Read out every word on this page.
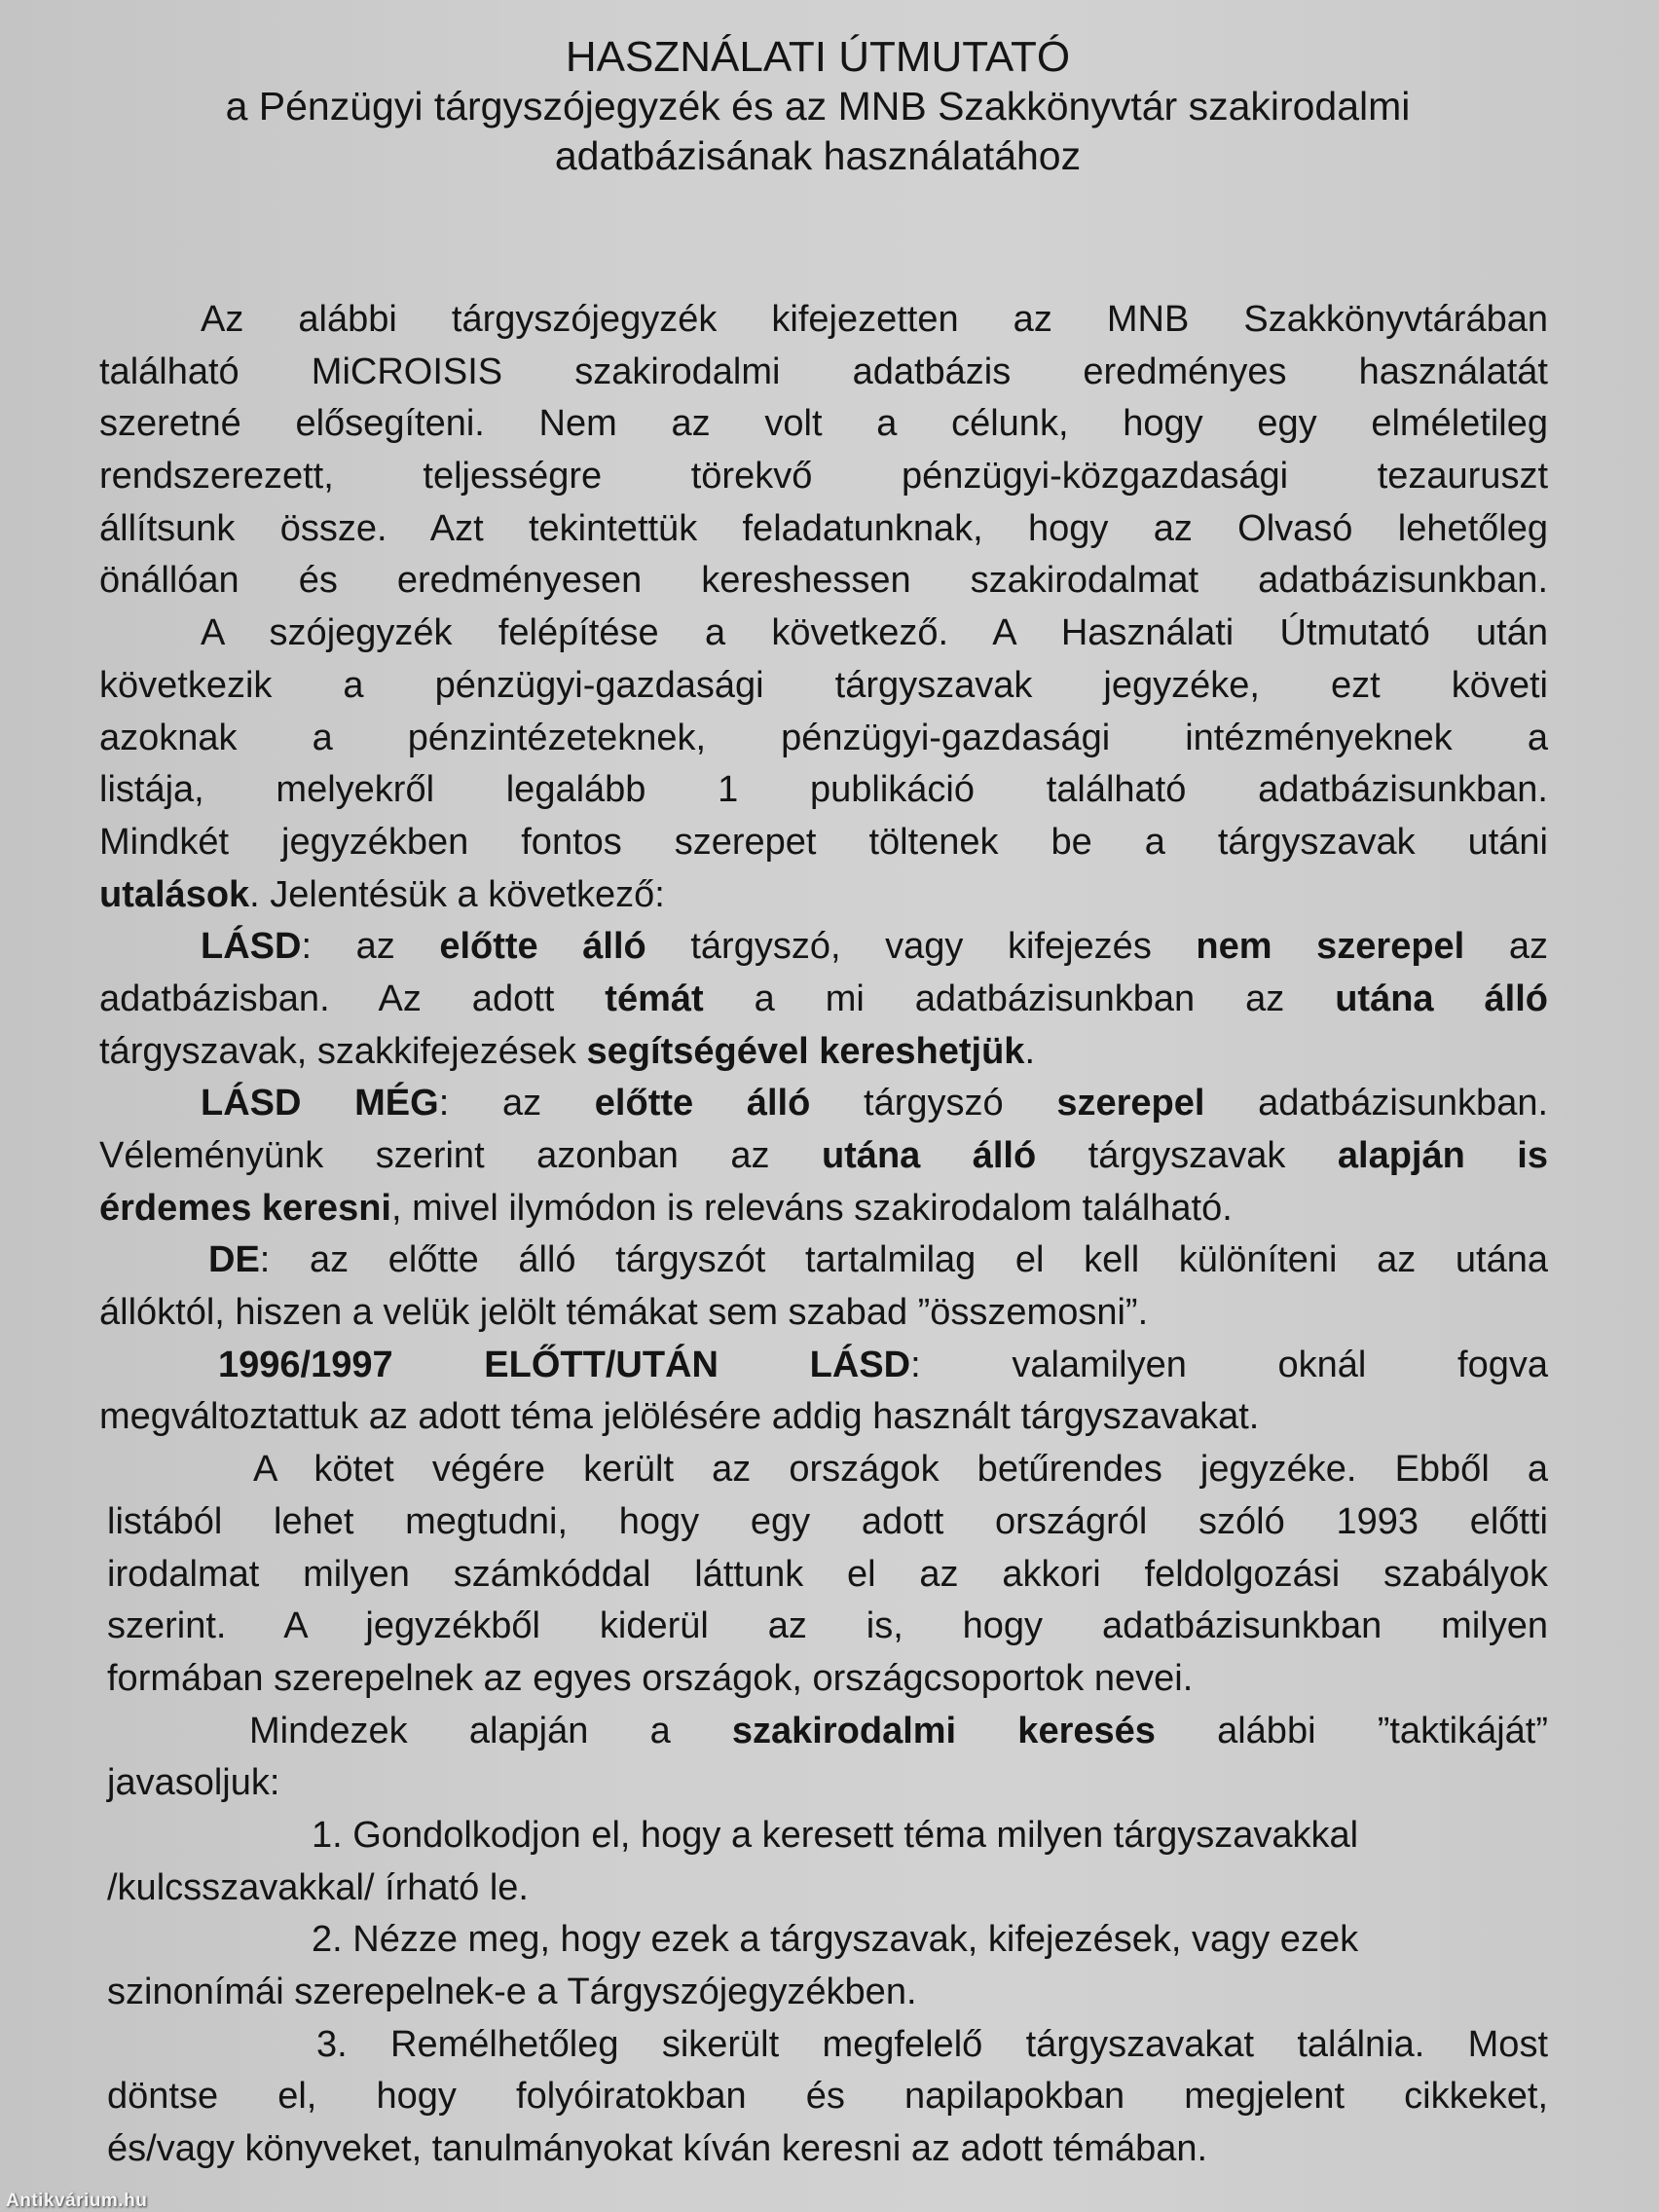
HASZNÁLATI ÚTMUTATÓ
a Pénzügyi tárgyszójegyzék és az MNB Szakkönyvtár szakirodalmi
adatbázisának használatához
Az alábbi tárgyszójegyzék kifejezetten az MNB Szakkönyvtárában
található MiCROISIS szakirodalmi adatbázis eredményes használatát
szeretné elősegíteni. Nem az volt a célunk, hogy egy elméletileg
rendszerezett, teljességre törekvő pénzügyi-közgazdasági tezauruszt
állítsunk össze. Azt tekintettük feladatunknak, hogy az Olvasó lehetőleg
önállóan és eredményesen kereshessen szakirodalmat adatbázisunkban.
A szójegyzék felépítése a következő. A Használati Útmutató után
következik a pénzügyi-gazdasági tárgyszavak jegyzéke, ezt követi
azoknak a pénzintézeteknek, pénzügyi-gazdasági intézményeknek a
listája, melyekről legalább 1 publikáció található adatbázisunkban.
Mindkét jegyzékben fontos szerepet töltenek be a tárgyszavak utáni
utalások. Jelentésük a következő:
LÁSD: az előtte álló tárgyszó, vagy kifejezés nem szerepel az
adatbázisban. Az adott témát a mi adatbázisunkban az utána álló
tárgyszavak, szakkifejezések segítségével kereshetjük.
LÁSD MÉG: az előtte álló tárgyszó szerepel adatbázisunkban.
Véleményünk szerint azonban az utána álló tárgyszavak alapján is
érdemes keresni, mivel ilymódon is releváns szakirodalom található.
DE: az előtte álló tárgyszót tartalmilag el kell különíteni az utána
állóktól, hiszen a velük jelölt témákat sem szabad ”összemosni”.
1996/1997 ELŐTT/UTÁN LÁSD: valamilyen oknál fogva
megváltoztattuk az adott téma jelölésére addig használt tárgyszavakat.
A kötet végére került az országok betűrendes jegyzéke. Ebből a
listából lehet megtudni, hogy egy adott országról szóló 1993 előtti
irodalmat milyen számkóddal láttunk el az akkori feldolgozási szabályok
szerint. A jegyzékből kiderül az is, hogy adatbázisunkban milyen
formában szerepelnek az egyes országok, országcsoportok nevei.
Mindezek alapján a szakirodalmi keresés alábbi ”taktikáját”
javasoljuk:
1. Gondolkodjon el, hogy a keresett téma milyen tárgyszavakkal
/kulcsszavakkal/ írható le.
2. Nézze meg, hogy ezek a tárgyszavak, kifejezések, vagy ezek
szinonímái szerepelnek-e a Tárgyszójegyzékben.
3. Remélhetőleg sikerült megfelelő tárgyszavakat találnia. Most
döntse el, hogy folyóiratokban és napilapokban megjelent cikkeket,
és/vagy könyveket, tanulmányokat kíván keresni az adott témában.
Antikvárium.hu
